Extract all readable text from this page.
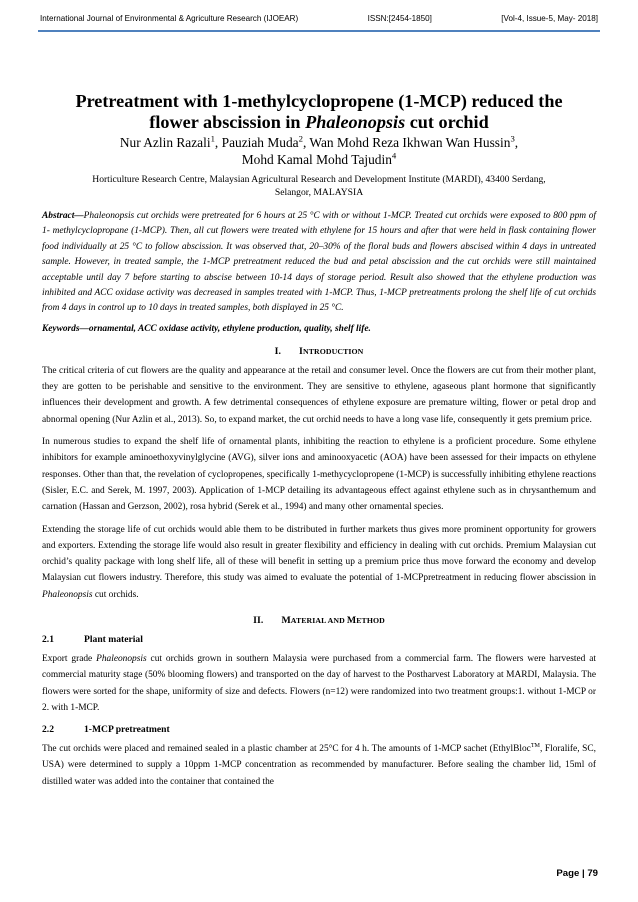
International Journal of Environmental & Agriculture Research (IJOEAR)	ISSN:[2454-1850]	[Vol-4, Issue-5, May- 2018]
Pretreatment with 1-methylcyclopropene (1-MCP) reduced the
flower abscission in Phaleonopsis cut orchid
Nur Azlin Razali$^1$, Pauziah Muda$^2$, Wan Mohd Reza Ikhwan Wan Hussin$^3$,
Mohd Kamal Mohd Tajudin$^4$
Horticulture Research Centre, Malaysian Agricultural Research and Development Institute (MARDI), 43400 Serdang,
Selangor, MALAYSIA
Abstract—Phaleonopsis cut orchids were pretreated for 6 hours at 25 °C with or without 1-MCP. Treated cut orchids were exposed to 800 ppm of 1- methylcyclopropane (1-MCP). Then, all cut flowers were treated with ethylene for 15 hours and after that were held in flask containing flower food individually at 25 °C to follow abscission. It was observed that, 20–30% of the floral buds and flowers abscised within 4 days in untreated sample. However, in treated sample, the 1-MCP pretreatment reduced the bud and petal abscission and the cut orchids were still maintained acceptable until day 7 before starting to abscise between 10-14 days of storage period. Result also showed that the ethylene production was inhibited and ACC oxidase activity was decreased in samples treated with 1-MCP. Thus, 1-MCP pretreatments prolong the shelf life of cut orchids from 4 days in control up to 10 days in treated samples, both displayed in 25 °C.
Keywords—ornamental, ACC oxidase activity, ethylene production, quality, shelf life.
I. INTRODUCTION

The critical criteria of cut flowers are the quality and appearance at the retail and consumer level. Once the flowers are cut from their mother plant, they are gotten to be perishable and sensitive to the environment. They are sensitive to ethylene, agaseous plant hormone that significantly influences their development and growth. A few detrimental consequences of ethylene exposure are premature wilting, flower or petal drop and abnormal opening (Nur Azlin et al., 2013). So, to expand market, the cut orchid needs to have a long vase life, consequently it gets premium price.

In numerous studies to expand the shelf life of ornamental plants, inhibiting the reaction to ethylene is a proficient procedure. Some ethylene inhibitors for example aminoethoxyvinylglycine (AVG), silver ions and aminooxyacetic (AOA) have been assessed for their impacts on ethylene responses. Other than that, the revelation of cyclopropenes, specifically 1-methycyclopropene (1-MCP) is successfully inhibiting ethylene reactions (Sisler, E.C. and Serek, M. 1997, 2003). Application of 1-MCP detailing its advantageous effect against ethylene such as in chrysanthemum and carnation (Hassan and Gerzson, 2002), rosa hybrid (Serek et al., 1994) and many other ornamental species.

Extending the storage life of cut orchids would able them to be distributed in further markets thus gives more prominent opportunity for growers and exporters. Extending the storage life would also result in greater flexibility and efficiency in dealing with cut orchids. Premium Malaysian cut orchid’s quality package with long shelf life, all of these will benefit in setting up a premium price thus move forward the economy and develop Malaysian cut flowers industry. Therefore, this study was aimed to evaluate the potential of 1-MCPpretreatment in reducing flower abscission in Phaleonopsis cut orchids.

II. MATERIAL AND METHOD
2.1	Plant material

Export grade Phaleonopsis cut orchids grown in southern Malaysia were purchased from a commercial farm. The flowers were harvested at commercial maturity stage (50% blooming flowers) and transported on the day of harvest to the Postharvest Laboratory at MARDI, Malaysia. The flowers were sorted for the shape, uniformity of size and defects. Flowers (n=12) were randomized into two treatment groups:1. without 1-MCP or 2. with 1-MCP.

2.2	1-MCP pretreatment

The cut orchids were placed and remained sealed in a plastic chamber at 25°C for 4 h. The amounts of 1-MCP sachet (EthylBloc™, Floralife, SC, USA) were determined to supply a 10ppm 1-MCP concentration as recommended by manufacturer. Before sealing the chamber lid, 15ml of distilled water was added into the container that contained the

Page | 79
